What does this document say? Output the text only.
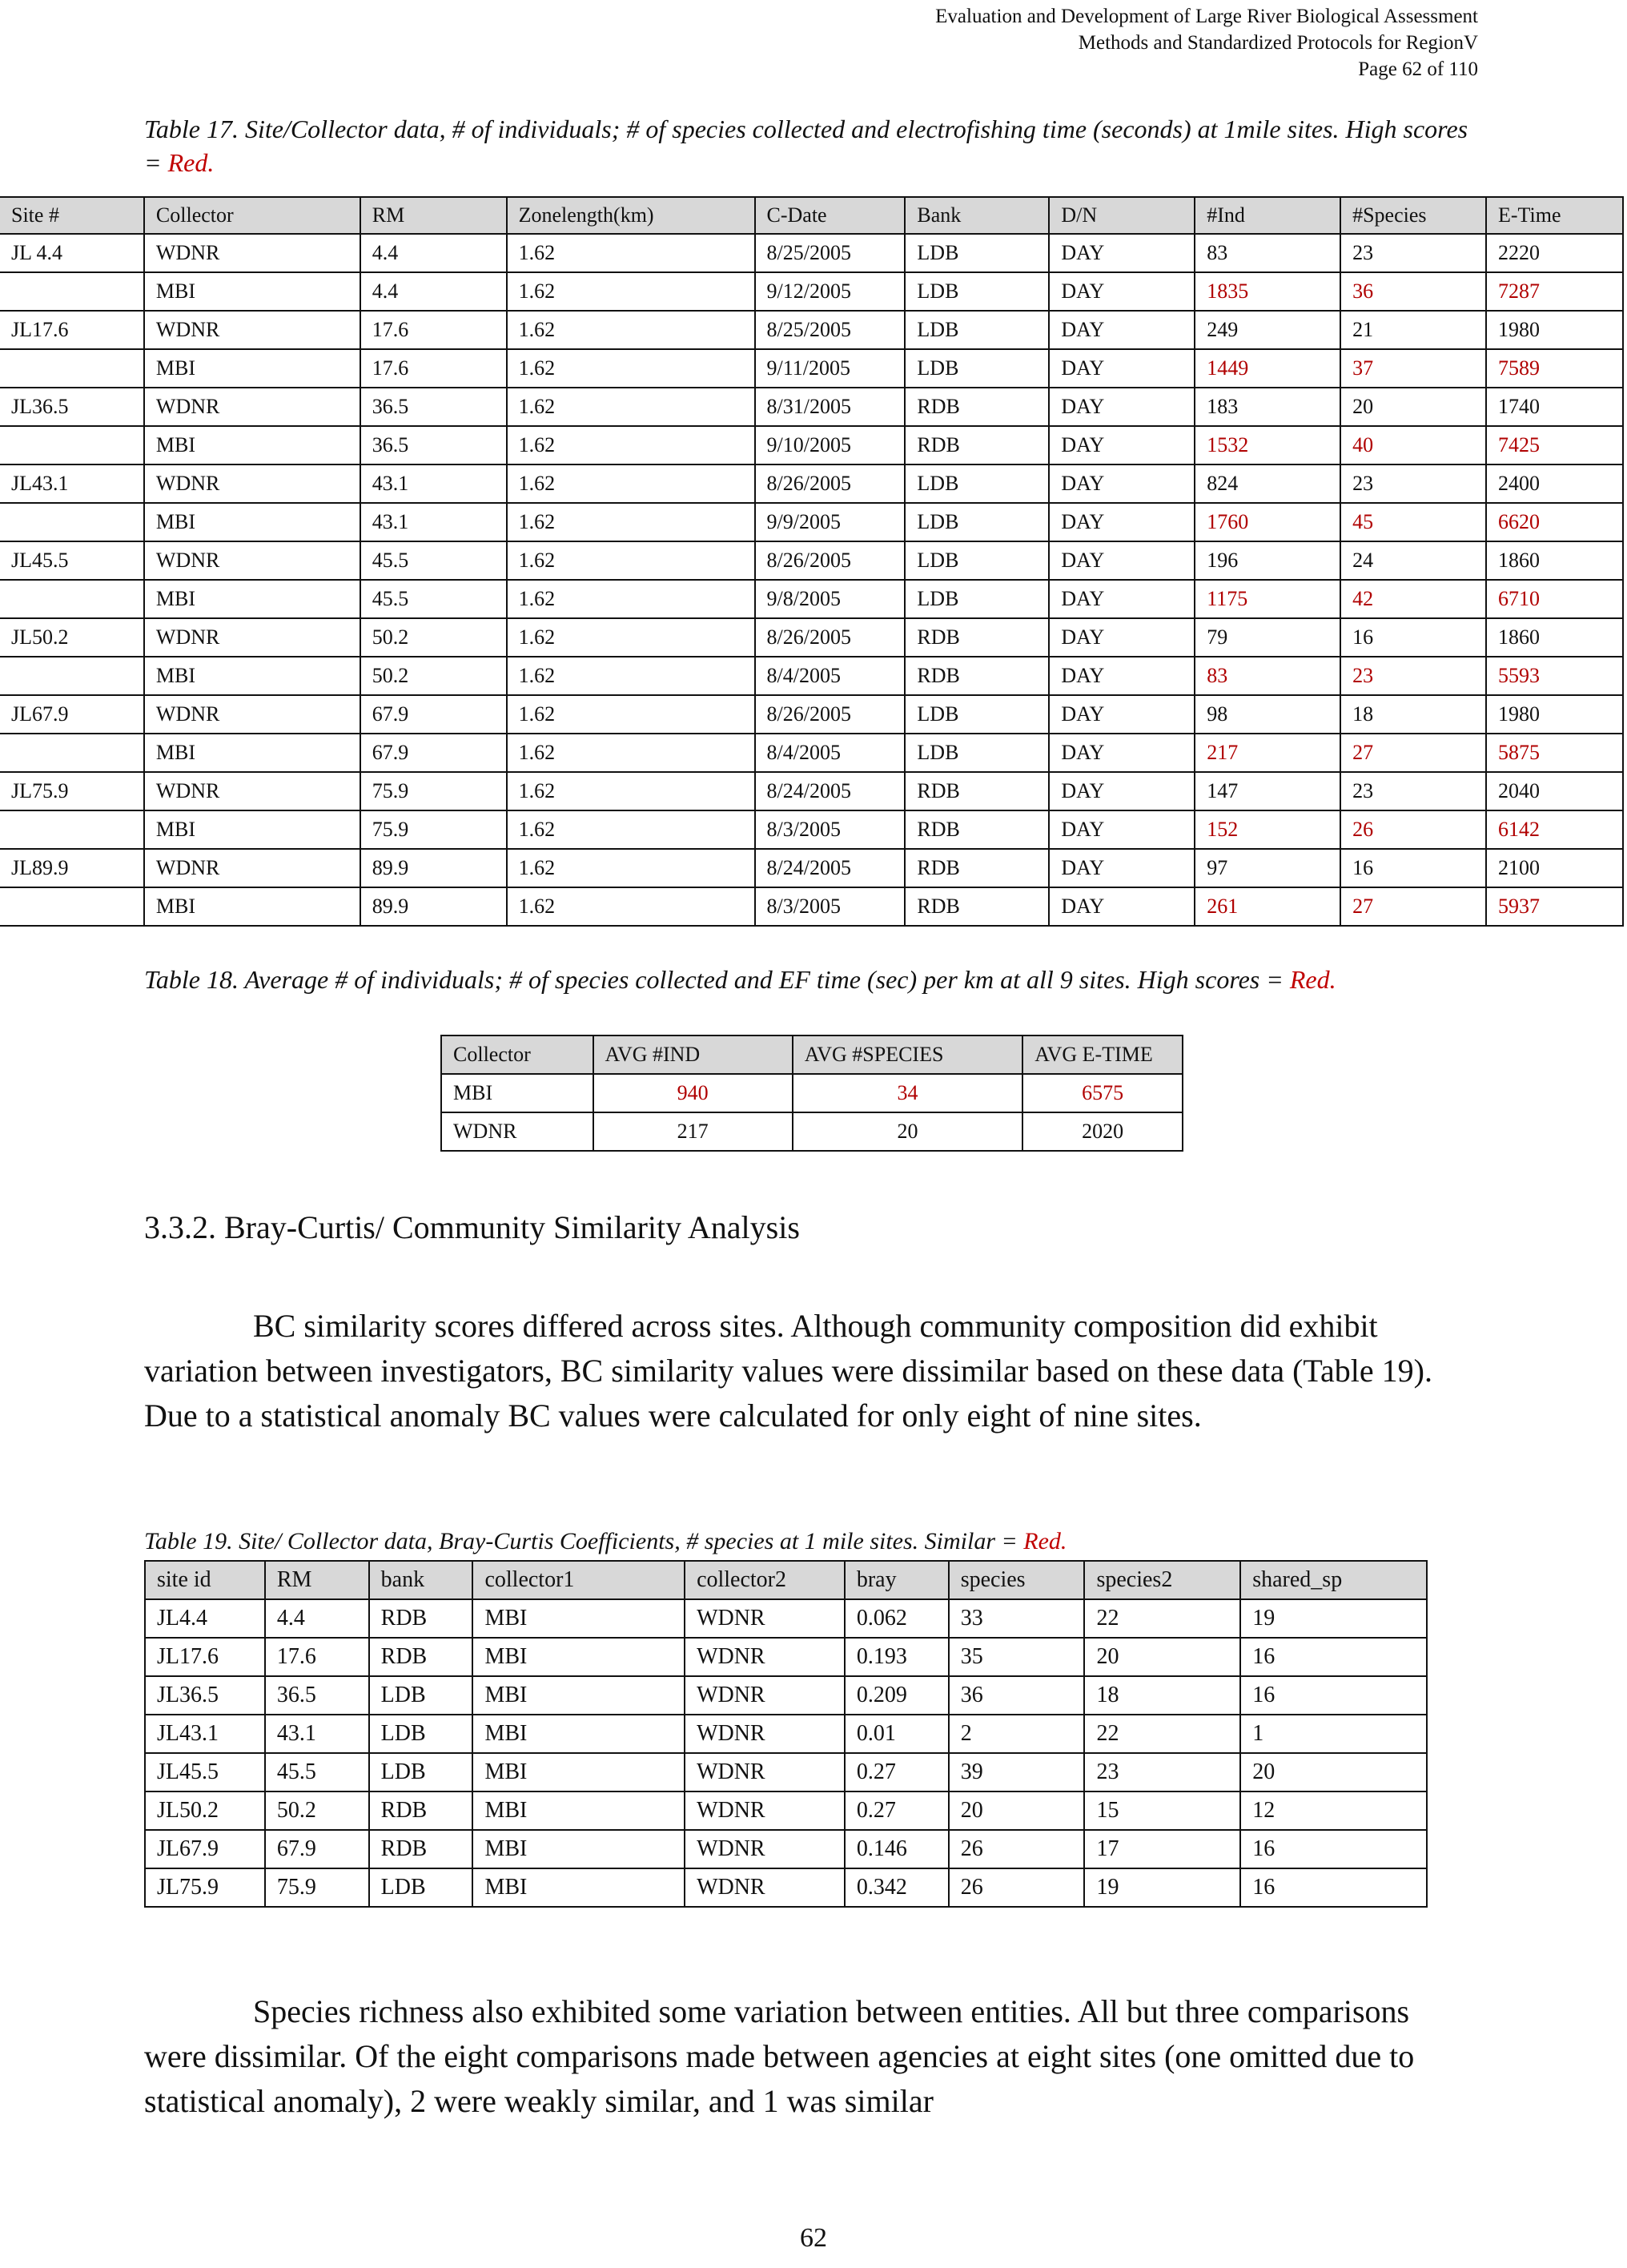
Evaluation and Development of Large River Biological Assessment
Methods and Standardized Protocols for RegionV
Page 62 of 110
Table 17. Site/Collector data, # of individuals; # of species collected and electrofishing time (seconds) at 1mile sites. High scores = Red.
Site #	Collector	RM	Zonelength(km)	C-Date	Bank	D/N	#Ind	#Species	E-Time
JL 4.4	WDNR	4.4	1.62	8/25/2005	LDB	DAY	83	23	2220
	MBI	4.4	1.62	9/12/2005	LDB	DAY	1835	36	7287
JL17.6	WDNR	17.6	1.62	8/25/2005	LDB	DAY	249	21	1980
	MBI	17.6	1.62	9/11/2005	LDB	DAY	1449	37	7589
JL36.5	WDNR	36.5	1.62	8/31/2005	RDB	DAY	183	20	1740
	MBI	36.5	1.62	9/10/2005	RDB	DAY	1532	40	7425
JL43.1	WDNR	43.1	1.62	8/26/2005	LDB	DAY	824	23	2400
	MBI	43.1	1.62	9/9/2005	LDB	DAY	1760	45	6620
JL45.5	WDNR	45.5	1.62	8/26/2005	LDB	DAY	196	24	1860
	MBI	45.5	1.62	9/8/2005	LDB	DAY	1175	42	6710
JL50.2	WDNR	50.2	1.62	8/26/2005	RDB	DAY	79	16	1860
	MBI	50.2	1.62	8/4/2005	RDB	DAY	83	23	5593
JL67.9	WDNR	67.9	1.62	8/26/2005	LDB	DAY	98	18	1980
	MBI	67.9	1.62	8/4/2005	LDB	DAY	217	27	5875
JL75.9	WDNR	75.9	1.62	8/24/2005	RDB	DAY	147	23	2040
	MBI	75.9	1.62	8/3/2005	RDB	DAY	152	26	6142
JL89.9	WDNR	89.9	1.62	8/24/2005	RDB	DAY	97	16	2100
	MBI	89.9	1.62	8/3/2005	RDB	DAY	261	27	5937
Table 18. Average # of individuals; # of species collected and EF time (sec) per km at all 9 sites. High scores = Red.
Collector	AVG #IND	AVG #SPECIES	AVG E-TIME
MBI	940	34	6575
WDNR	217	20	2020
3.3.2. Bray-Curtis/ Community Similarity Analysis
BC similarity scores differed across sites. Although community composition did exhibit variation between investigators, BC similarity values were dissimilar based on these data (Table 19). Due to a statistical anomaly BC values were calculated for only eight of nine sites.
Table 19. Site/ Collector data, Bray-Curtis Coefficients, # species at 1 mile sites. Similar = Red.
site id	RM	bank	collector1	collector2	bray	species	species2	shared_sp
JL4.4	4.4	RDB	MBI	WDNR	0.062	33	22	19
JL17.6	17.6	RDB	MBI	WDNR	0.193	35	20	16
JL36.5	36.5	LDB	MBI	WDNR	0.209	36	18	16
JL43.1	43.1	LDB	MBI	WDNR	0.01	2	22	1
JL45.5	45.5	LDB	MBI	WDNR	0.27	39	23	20
JL50.2	50.2	RDB	MBI	WDNR	0.27	20	15	12
JL67.9	67.9	RDB	MBI	WDNR	0.146	26	17	16
JL75.9	75.9	LDB	MBI	WDNR	0.342	26	19	16
Species richness also exhibited some variation between entities. All but three comparisons were dissimilar. Of the eight comparisons made between agencies at eight sites (one omitted due to statistical anomaly), 2 were weakly similar, and 1 was similar
62
